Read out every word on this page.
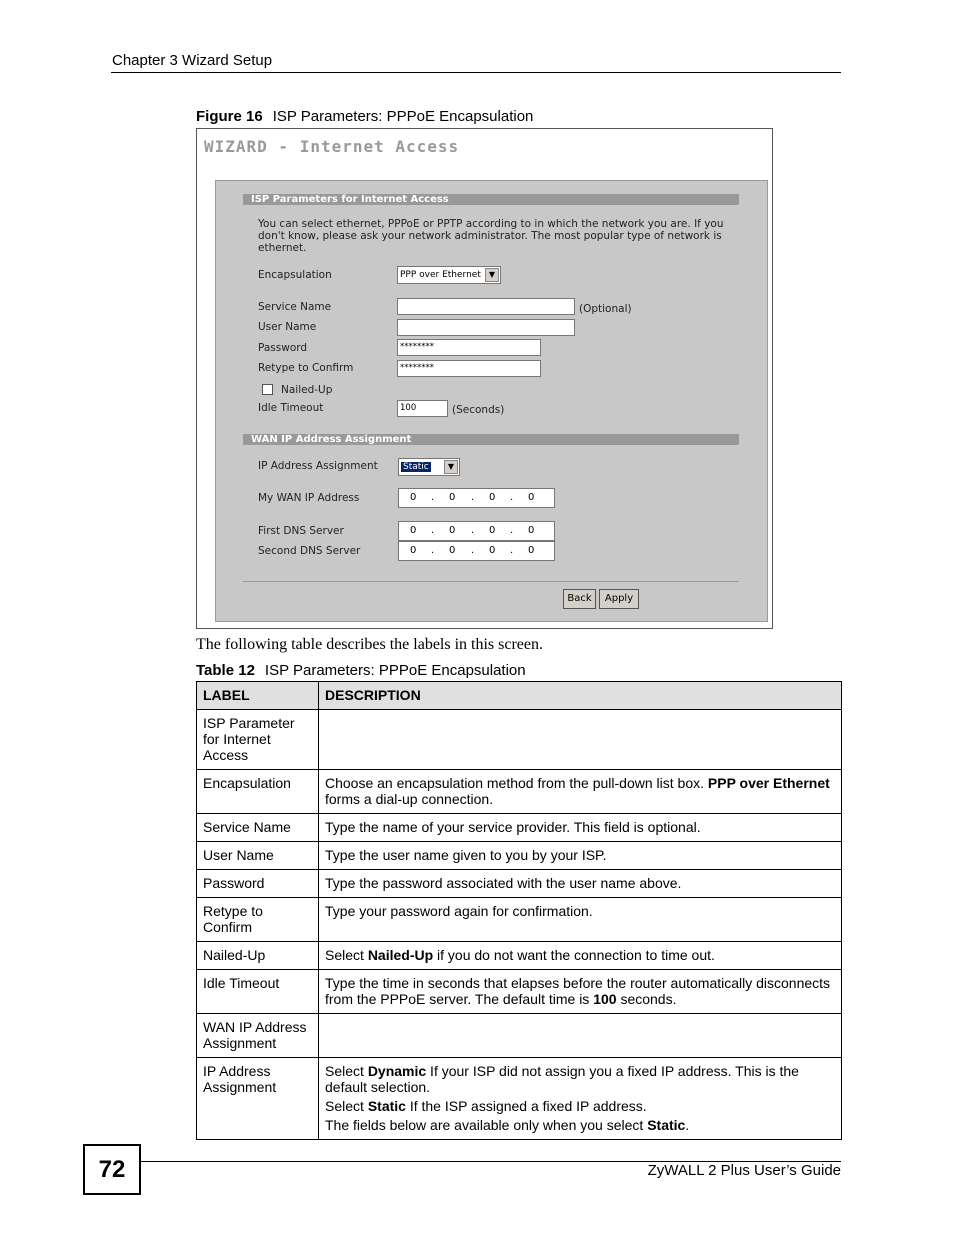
Chapter 3 Wizard Setup
Figure 16 ISP Parameters: PPPoE Encapsulation
WIZARD - Internet Access
ISP Parameters for Internet Access
You can select ethernet, PPPoE or PPTP according to in which the network you are. If you
don't know, please ask your network administrator. The most popular type of network is
ethernet.
Encapsulation	PPP over Ethernet	▼
Service Name	(Optional)
User Name
Password	********
Retype to Confirm	********
Nailed-Up
Idle Timeout	100	(Seconds)
WAN IP Address Assignment
IP Address Assignment	Static	▼
My WAN IP Address	0 . 0 . 0 . 0
First DNS Server	0 . 0 . 0 . 0
Second DNS Server	0 . 0 . 0 . 0
Back	Apply
The following table describes the labels in this screen.
Table 12 ISP Parameters: PPPoE Encapsulation
LABEL	DESCRIPTION
ISP Parameter for Internet Access	
Encapsulation	Choose an encapsulation method from the pull-down list box. PPP over Ethernet forms a dial-up connection.
Service Name	Type the name of your service provider. This field is optional.
User Name	Type the user name given to you by your ISP.
Password	Type the password associated with the user name above.
Retype to Confirm	Type your password again for confirmation.
Nailed-Up	Select Nailed-Up if you do not want the connection to time out.
Idle Timeout	Type the time in seconds that elapses before the router automatically disconnects from the PPPoE server. The default time is 100 seconds.
WAN IP Address Assignment	
IP Address Assignment	Select Dynamic If your ISP did not assign you a fixed IP address. This is the default selection.

Select Static If the ISP assigned a fixed IP address.

The fields below are available only when you select Static.

72	ZyWALL 2 Plus User’s Guide
